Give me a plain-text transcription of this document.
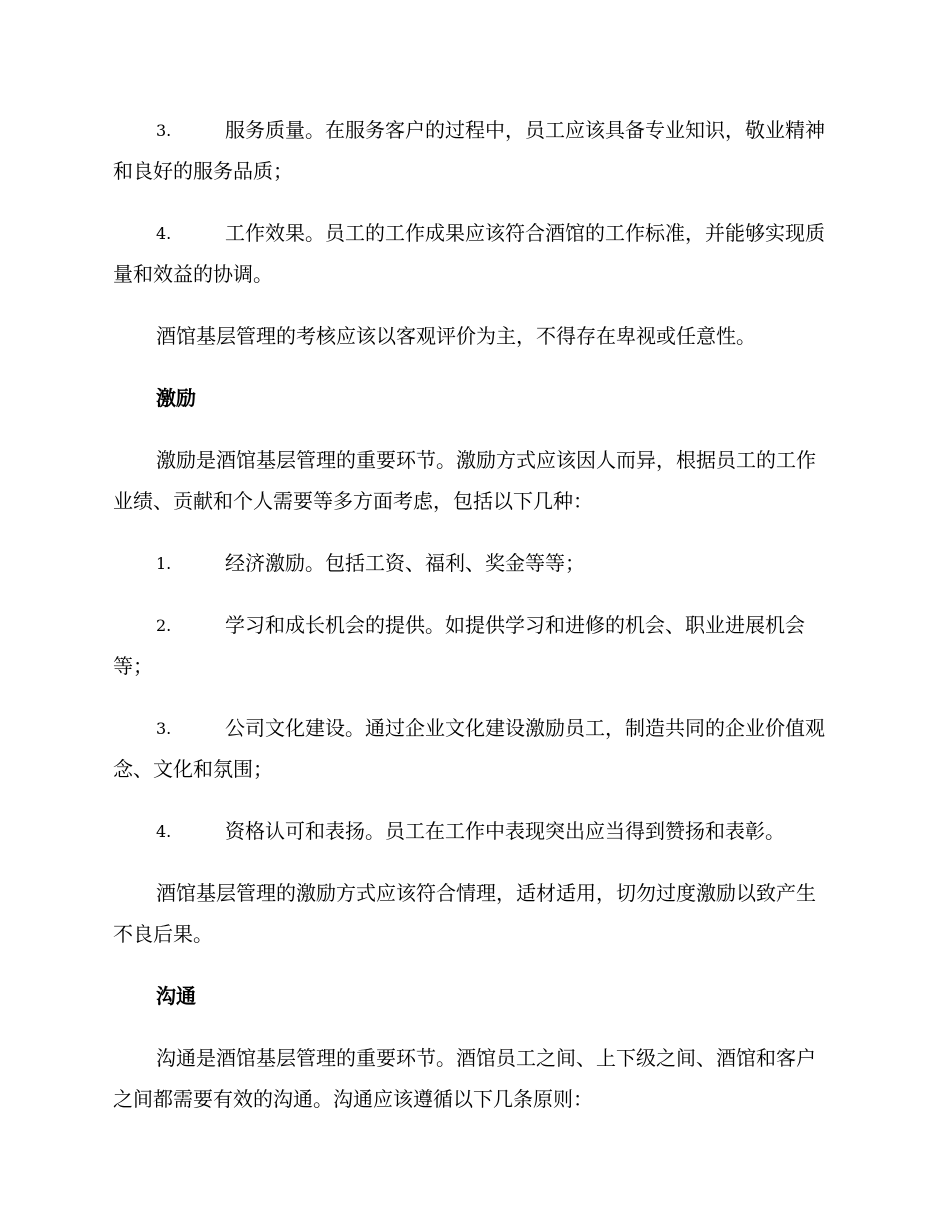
3.	服务质量。在服务客户的过程中，员工应该具备专业知识，敬业精神和良好的服务品质；
4.	工作效果。员工的工作成果应该符合酒馆的工作标准，并能够实现质量和效益的协调。
酒馆基层管理的考核应该以客观评价为主，不得存在卑视或任意性。
激励
激励是酒馆基层管理的重要环节。激励方式应该因人而异，根据员工的工作业绩、贡献和个人需要等多方面考虑，包括以下几种：
1.	经济激励。包括工资、福利、奖金等等；
2.	学习和成长机会的提供。如提供学习和进修的机会、职业进展机会等；
3.	公司文化建设。通过企业文化建设激励员工，制造共同的企业价值观念、文化和氛围；
4.	资格认可和表扬。员工在工作中表现突出应当得到赞扬和表彰。
酒馆基层管理的激励方式应该符合情理，适材适用，切勿过度激励以致产生不良后果。
沟通
沟通是酒馆基层管理的重要环节。酒馆员工之间、上下级之间、酒馆和客户之间都需要有效的沟通。沟通应该遵循以下几条原则：
